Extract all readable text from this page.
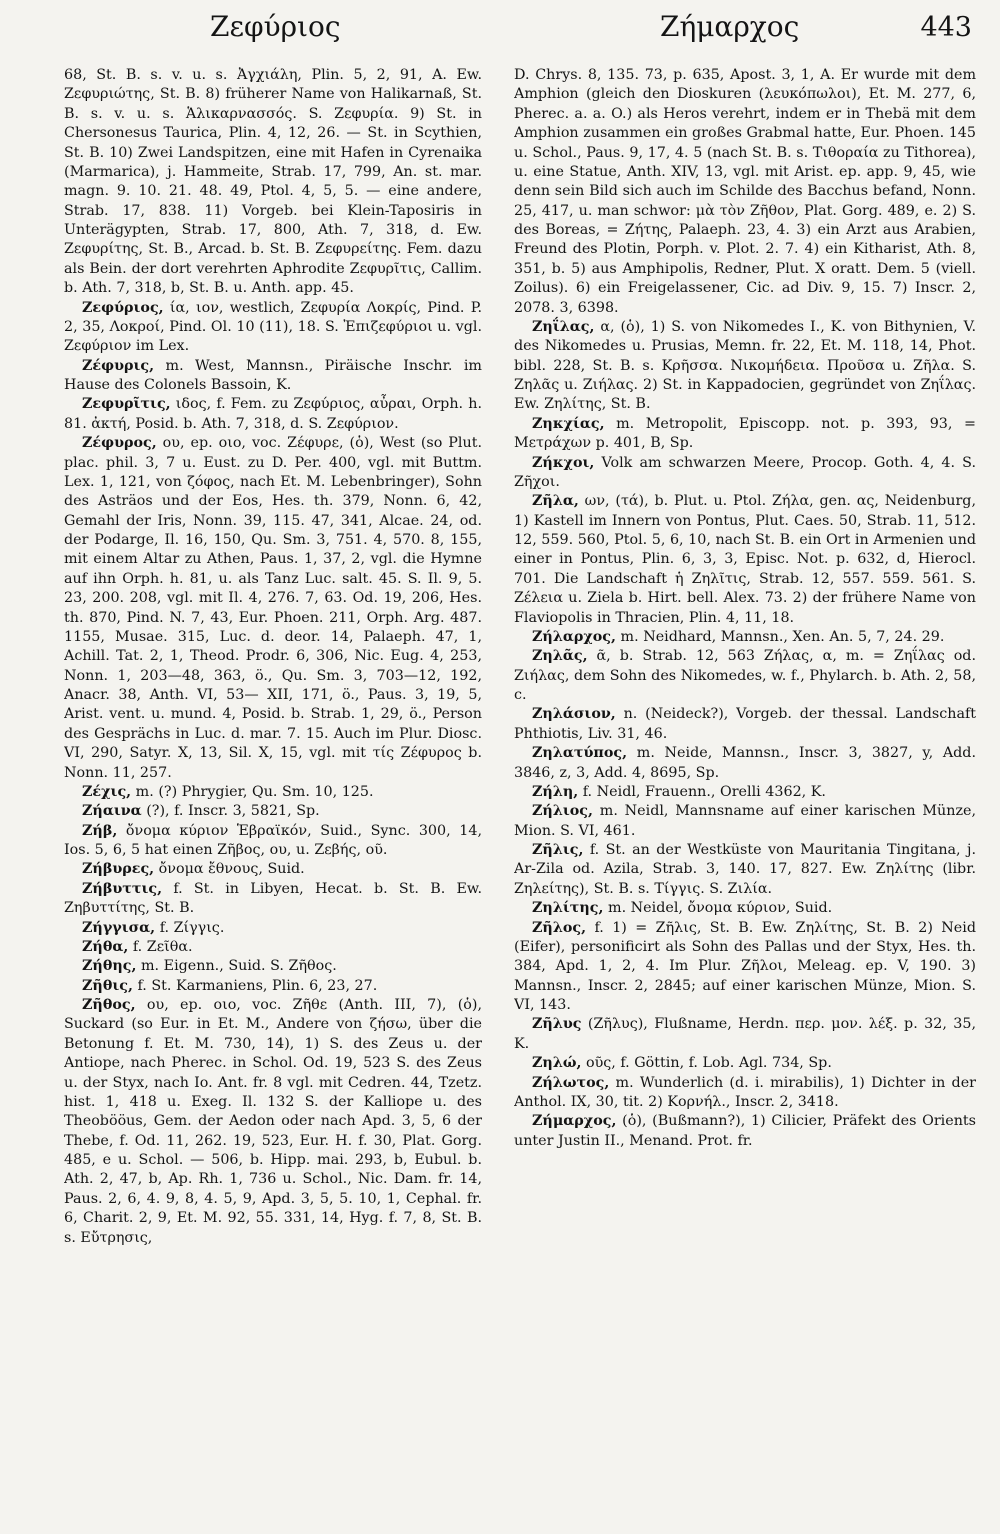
Ζεφύριος	Ζήμαρχος	443

68, St. B. s. v. u. s. Ἀγχιάλη, Plin. 5, 2, 91, A. Ew. Ζεφυριώτης, St. B. 8) früherer Name von Halikarnaß, St. B. s. v. u. s. Ἁλικαρνασσός. S. Ζεφυρία. 9) St. in Chersonesus Taurica, Plin. 4, 12, 26. — St. in Scythien, St. B. 10) Zwei Landspitzen, eine mit Hafen in Cyrenaika (Marmarica), j. Hammeite, Strab. 17, 799, An. st. mar. magn. 9. 10. 21. 48. 49, Ptol. 4, 5, 5. — eine andere, Strab. 17, 838. 11) Vorgeb. bei Klein-Taposiris in Unterägypten, Strab. 17, 800, Ath. 7, 318, d. Ew. Ζεφυρίτης, St. B., Arcad. b. St. B. Ζεφυρείτης. Fem. dazu als Bein. der dort verehrten Aphrodite Ζεφυρῖτις, Callim. b. Ath. 7, 318, b, St. B. u. Anth. app. 45.

Ζεφύριος, ία, ιον, westlich, Ζεφυρία Λοκρίς, Pind. P. 2, 35, Λοκροί, Pind. Ol. 10 (11), 18. S. Ἐπιζεφύριοι u. vgl. Ζεφύριον im Lex.

Ζέφυρις, m. West, Mannsn., Piräische Inschr. im Hause des Colonels Bassoin, K.

Ζεφυρῖτις, ιδος, f. Fem. zu Ζεφύριος, αὖραι, Orph. h. 81. ἀκτή, Posid. b. Ath. 7, 318, d. S. Ζεφύριον.

Ζέφυρος, ου, ep. οιο, voc. Ζέφυρε, (ὁ), West (so Plut. plac. phil. 3, 7 u. Eust. zu D. Per. 400, vgl. mit Buttm. Lex. 1, 121, von ζόφος, nach Et. M. Lebenbringer), Sohn des Asträos und der Eos, Hes. th. 379, Nonn. 6, 42, Gemahl der Iris, Nonn. 39, 115. 47, 341, Alcae. 24, od. der Podarge, Il. 16, 150, Qu. Sm. 3, 751. 4, 570. 8, 155, mit einem Altar zu Athen, Paus. 1, 37, 2, vgl. die Hymne auf ihn Orph. h. 81, u. als Tanz Luc. salt. 45. S. Il. 9, 5. 23, 200. 208, vgl. mit Il. 4, 276. 7, 63. Od. 19, 206, Hes. th. 870, Pind. N. 7, 43, Eur. Phoen. 211, Orph. Arg. 487. 1155, Musae. 315, Luc. d. deor. 14, Palaeph. 47, 1, Achill. Tat. 2, 1, Theod. Prodr. 6, 306, Nic. Eug. 4, 253, Nonn. 1, 203—48, 363, ö., Qu. Sm. 3, 703—12, 192, Anacr. 38, Anth. VI, 53— XII, 171, ö., Paus. 3, 19, 5, Arist. vent. u. mund. 4, Posid. b. Strab. 1, 29, ö., Person des Gesprächs in Luc. d. mar. 7. 15. Auch im Plur. Diosc. VI, 290, Satyr. X, 13, Sil. X, 15, vgl. mit τίς Ζέφυρος b. Nonn. 11, 257.

Ζέχις, m. (?) Phrygier, Qu. Sm. 10, 125.

Ζήαινα (?), f. Inscr. 3, 5821, Sp.

Ζήβ, ὄνομα κύριον Ἑβραϊκόν, Suid., Sync. 300, 14, Ios. 5, 6, 5 hat einen Ζῆβος, ου, u. Ζεβής, οῦ.

Ζήβυρες, ὄνομα ἔθνους, Suid.

Ζήβυττις, f. St. in Libyen, Hecat. b. St. B. Ew. Ζηβυττίτης, St. B.

Ζήγγισα, f. Ζίγγις.

Ζήθα, f. Ζεῖθα.

Ζήθης, m. Eigenn., Suid. S. Ζῆθος.

Ζῆθις, f. St. Karmaniens, Plin. 6, 23, 27.

Ζῆθος, ου, ep. οιο, voc. Ζῆθε (Anth. III, 7), (ὁ), Suckard (so Eur. in Et. M., Andere von ζήσω, über die Betonung f. Et. M. 730, 14), 1) S. des Zeus u. der Antiope, nach Pherec. in Schol. Od. 19, 523 S. des Zeus u. der Styx, nach Io. Ant. fr. 8 vgl. mit Cedren. 44, Tzetz. hist. 1, 418 u. Exeg. Il. 132 S. der Kalliope u. des Theobööus, Gem. der Aedon oder nach Apd. 3, 5, 6 der Thebe, f. Od. 11, 262. 19, 523, Eur. H. f. 30, Plat. Gorg. 485, e u. Schol. — 506, b. Hipp. mai. 293, b, Eubul. b. Ath. 2, 47, b, Ap. Rh. 1, 736 u. Schol., Nic. Dam. fr. 14, Paus. 2, 6, 4. 9, 8, 4. 5, 9, Apd. 3, 5, 5. 10, 1, Cephal. fr. 6, Charit. 2, 9, Et. M. 92, 55. 331, 14, Hyg. f. 7, 8, St. B. s. Εὔτρησις,

D. Chrys. 8, 135. 73, p. 635, Apost. 3, 1, A. Er wurde mit dem Amphion (gleich den Dioskuren (λευκόπωλοι), Et. M. 277, 6, Pherec. a. a. O.) als Heros verehrt, indem er in Thebä mit dem Amphion zusammen ein großes Grabmal hatte, Eur. Phoen. 145 u. Schol., Paus. 9, 17, 4. 5 (nach St. B. s. Τιθοραία zu Tithorea), u. eine Statue, Anth. XIV, 13, vgl. mit Arist. ep. app. 9, 45, wie denn sein Bild sich auch im Schilde des Bacchus befand, Nonn. 25, 417, u. man schwor: μὰ τὸν Ζῆθον, Plat. Gorg. 489, e. 2) S. des Boreas, = Ζήτης, Palaeph. 23, 4. 3) ein Arzt aus Arabien, Freund des Plotin, Porph. v. Plot. 2. 7. 4) ein Kitharist, Ath. 8, 351, b. 5) aus Amphipolis, Redner, Plut. X oratt. Dem. 5 (viell. Zoilus). 6) ein Freigelassener, Cic. ad Div. 9, 15. 7) Inscr. 2, 2078. 3, 6398.

Ζηΐλας, α, (ὁ), 1) S. von Nikomedes I., K. von Bithynien, V. des Nikomedes u. Prusias, Memn. fr. 22, Et. M. 118, 14, Phot. bibl. 228, St. B. s. Κρῆσσα. Νικομήδεια. Προῦσα u. Ζῆλα. S. Ζηλᾶς u. Ζιήλας. 2) St. in Kappadocien, gegründet von Ζηΐλας. Ew. Ζηλίτης, St. B.

Ζηκχίας, m. Metropolit, Episcopp. not. p. 393, 93, = Μετράχων p. 401, B, Sp.

Ζήκχοι, Volk am schwarzen Meere, Procop. Goth. 4, 4. S. Ζῆχοι.

Ζῆλα, ων, (τά), b. Plut. u. Ptol. Ζήλα, gen. ας, Neidenburg, 1) Kastell im Innern von Pontus, Plut. Caes. 50, Strab. 11, 512. 12, 559. 560, Ptol. 5, 6, 10, nach St. B. ein Ort in Armenien und einer in Pontus, Plin. 6, 3, 3, Episc. Not. p. 632, d, Hierocl. 701. Die Landschaft ἡ Ζηλῖτις, Strab. 12, 557. 559. 561. S. Ζέλεια u. Ziela b. Hirt. bell. Alex. 73. 2) der frühere Name von Flaviopolis in Thracien, Plin. 4, 11, 18.

Ζήλαρχος, m. Neidhard, Mannsn., Xen. An. 5, 7, 24. 29.

Ζηλᾶς, ᾶ, b. Strab. 12, 563 Ζήλας, α, m. = Ζηΐλας od. Ζιήλας, dem Sohn des Nikomedes, w. f., Phylarch. b. Ath. 2, 58, c.

Ζηλάσιον, n. (Neideck?), Vorgeb. der thessal. Landschaft Phthiotis, Liv. 31, 46.

Ζηλατύπος, m. Neide, Mannsn., Inscr. 3, 3827, y, Add. 3846, z, 3, Add. 4, 8695, Sp.

Ζήλη, f. Neidl, Frauenn., Orelli 4362, K.

Ζήλιος, m. Neidl, Mannsname auf einer karischen Münze, Mion. S. VI, 461.

Ζῆλις, f. St. an der Westküste von Mauritania Tingitana, j. Ar-Zila od. Azila, Strab. 3, 140. 17, 827. Ew. Ζηλίτης (libr. Ζηλείτης), St. B. s. Τίγγις. S. Ζιλία.

Ζηλίτης, m. Neidel, ὄνομα κύριον, Suid.

Ζῆλος, f. 1) = Ζῆλις, St. B. Ew. Ζηλίτης, St. B. 2) Neid (Eifer), personificirt als Sohn des Pallas und der Styx, Hes. th. 384, Apd. 1, 2, 4. Im Plur. Ζῆλοι, Meleag. ep. V, 190. 3) Mannsn., Inscr. 2, 2845; auf einer karischen Münze, Mion. S. VI, 143.

Ζῆλυς (Ζῆλυς), Flußname, Herdn. περ. μον. λέξ. p. 32, 35, K.

Ζηλώ, οῦς, f. Göttin, f. Lob. Agl. 734, Sp.

Ζήλωτος, m. Wunderlich (d. i. mirabilis), 1) Dichter in der Anthol. IX, 30, tit. 2) Κορνήλ., Inscr. 2, 3418.

Ζήμαρχος, (ὁ), (Bußmann?), 1) Cilicier, Präfekt des Orients unter Justin II., Menand. Prot. fr.
